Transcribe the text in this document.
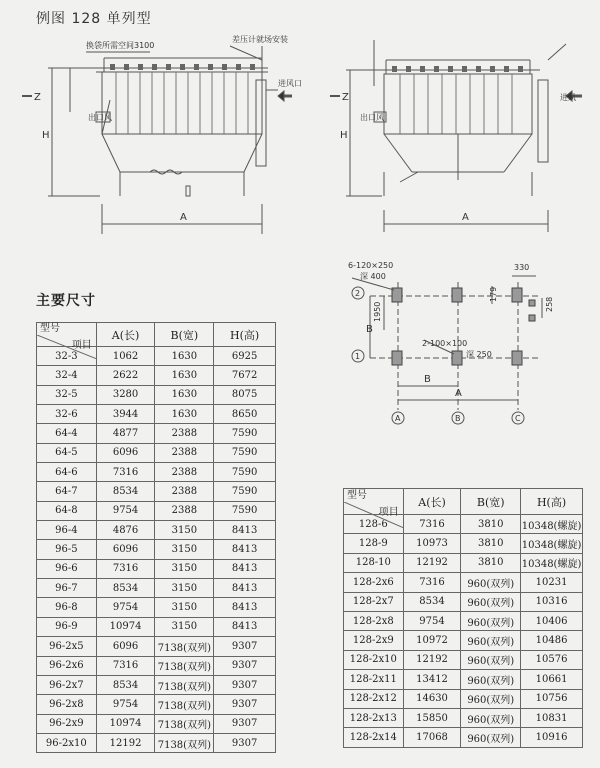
例图 128 单列型
换袋所需空间3100
差压计就场安装
出口风
进风口
出口风
进风
A
H
Z
A
H
Z
6-120×250
深 400
330
179
258
1950
2-100×100
深 250
B
B
A
2
1
A	B	C
主要尺寸
项目
型号	A(长)	B(宽)	H(高)
32-3	1062	1630	6925
32-4	2622	1630	7672
32-5	3280	1630	8075
32-6	3944	1630	8650
64-4	4877	2388	7590
64-5	6096	2388	7590
64-6	7316	2388	7590
64-7	8534	2388	7590
64-8	9754	2388	7590
96-4	4876	3150	8413
96-5	6096	3150	8413
96-6	7316	3150	8413
96-7	8534	3150	8413
96-8	9754	3150	8413
96-9	10974	3150	8413
96-2x5	6096	7138(双列)	9307
96-2x6	7316	7138(双列)	9307
96-2x7	8534	7138(双列)	9307
96-2x8	9754	7138(双列)	9307
96-2x9	10974	7138(双列)	9307
96-2x10	12192	7138(双列)	9307
项目
型号	A(长)	B(宽)	H(高)
128-6	7316	3810	10348(螺旋)
128-9	10973	3810	10348(螺旋)
128-10	12192	3810	10348(螺旋)
128-2x6	7316	960(双列)	10231
128-2x7	8534	960(双列)	10316
128-2x8	9754	960(双列)	10406
128-2x9	10972	960(双列)	10486
128-2x10	12192	960(双列)	10576
128-2x11	13412	960(双列)	10661
128-2x12	14630	960(双列)	10756
128-2x13	15850	960(双列)	10831
128-2x14	17068	960(双列)	10916
